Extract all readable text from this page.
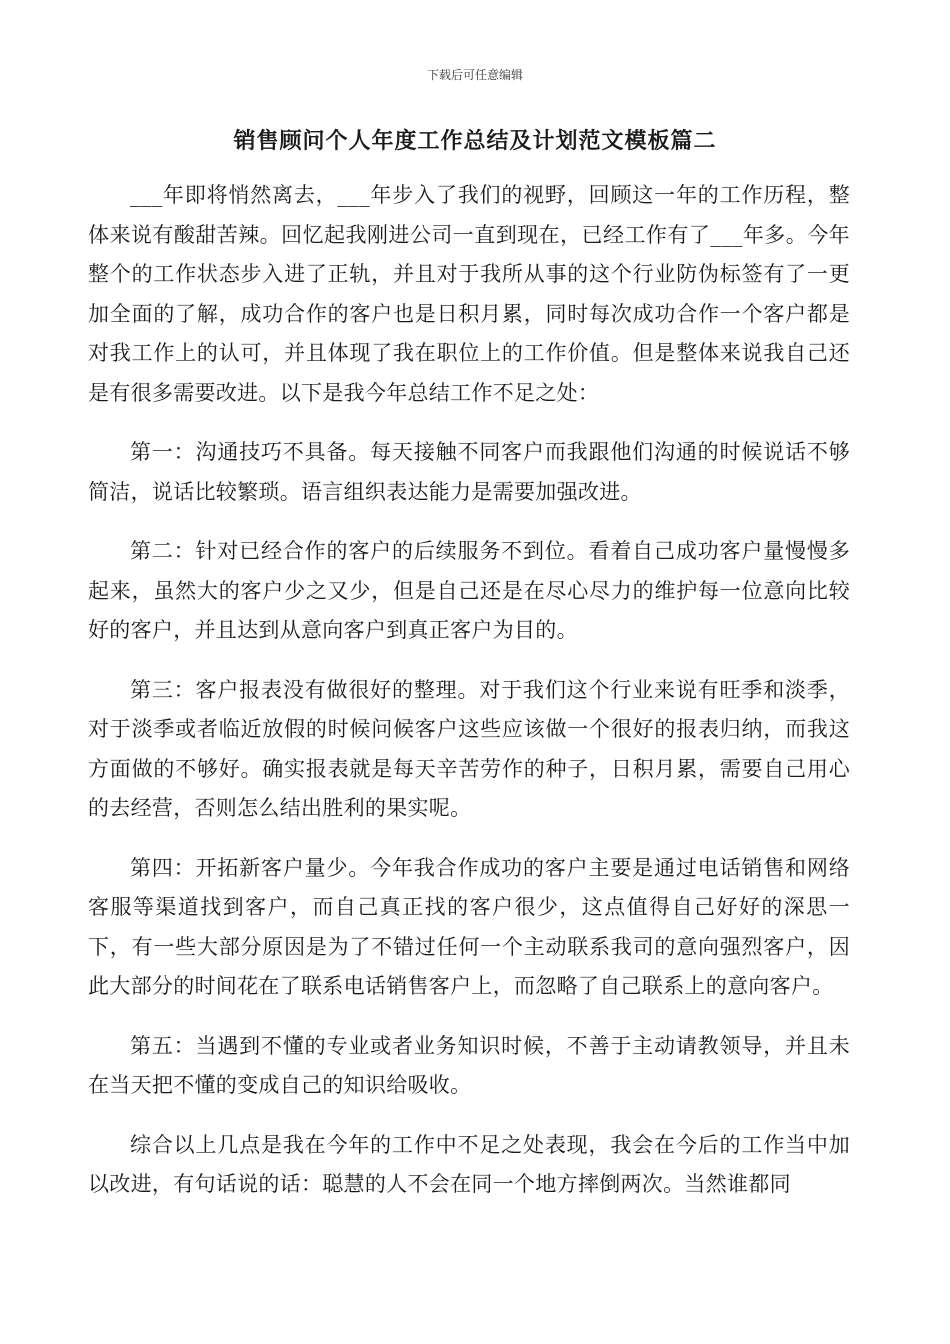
下载后可任意编辑
销售顾问个人年度工作总结及计划范文模板篇二

___年即将悄然离去，___年步入了我们的视野，回顾这一年的工作历程，整体来说有酸甜苦辣。回忆起我刚进公司一直到现在，已经工作有了___年多。今年整个的工作状态步入进了正轨，并且对于我所从事的这个行业防伪标签有了一更加全面的了解，成功合作的客户也是日积月累，同时每次成功合作一个客户都是对我工作上的认可，并且体现了我在职位上的工作价值。但是整体来说我自己还是有很多需要改进。以下是我今年总结工作不足之处：

第一：沟通技巧不具备。每天接触不同客户而我跟他们沟通的时候说话不够简洁，说话比较繁琐。语言组织表达能力是需要加强改进。

第二：针对已经合作的客户的后续服务不到位。看着自己成功客户量慢慢多起来，虽然大的客户少之又少，但是自己还是在尽心尽力的维护每一位意向比较好的客户，并且达到从意向客户到真正客户为目的。

第三：客户报表没有做很好的整理。对于我们这个行业来说有旺季和淡季，对于淡季或者临近放假的时候问候客户这些应该做一个很好的报表归纳，而我这方面做的不够好。确实报表就是每天辛苦劳作的种子，日积月累，需要自己用心的去经营，否则怎么结出胜利的果实呢。

第四：开拓新客户量少。今年我合作成功的客户主要是通过电话销售和网络客服等渠道找到客户，而自己真正找的客户很少，这点值得自己好好的深思一下，有一些大部分原因是为了不错过任何一个主动联系我司的意向强烈客户，因此大部分的时间花在了联系电话销售客户上，而忽略了自己联系上的意向客户。

第五：当遇到不懂的专业或者业务知识时候，不善于主动请教领导，并且未在当天把不懂的变成自己的知识给吸收。

综合以上几点是我在今年的工作中不足之处表现，我会在今后的工作当中加以改进，有句话说的话：聪慧的人不会在同一个地方摔倒两次。当然谁都同
